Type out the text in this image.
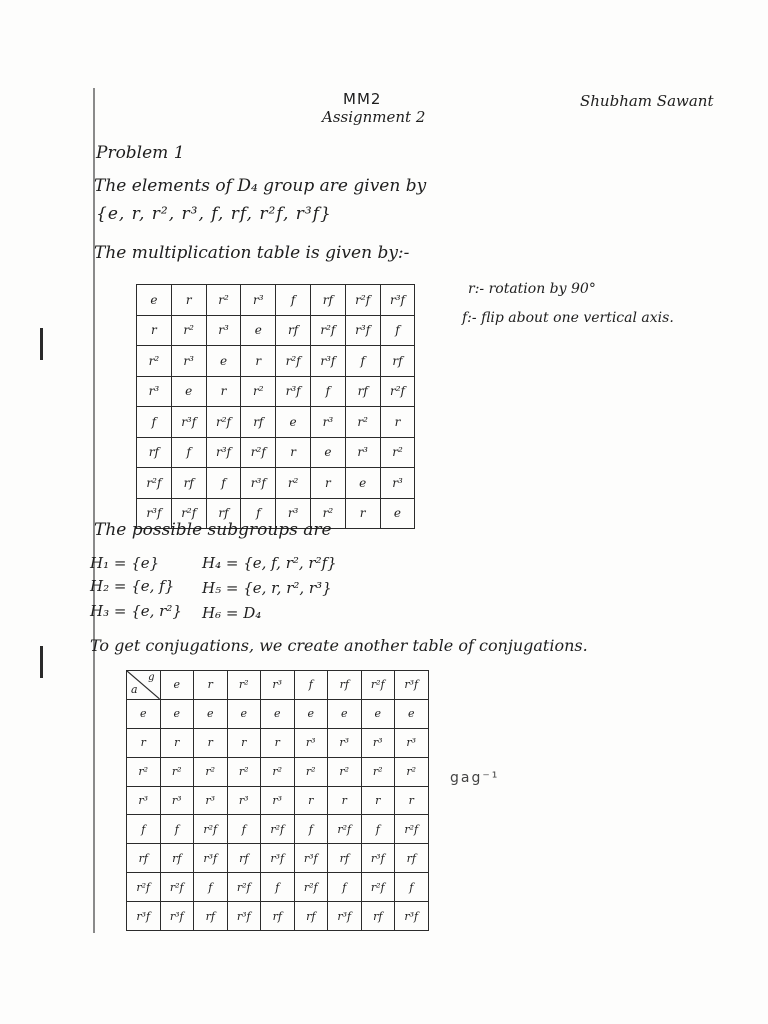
MM2
Assignment 2
Shubham Sawant
Problem 1
The elements of D₄ group are given by
{e, r, r², r³, f, rf, r²f, r³f}
The multiplication table is given by:-
r:- rotation by 90°
f:- flip about one vertical axis.
e	r	r²	r³	f	rf	r²f	r³f
r	r²	r³	e	rf	r²f	r³f	f
r²	r³	e	r	r²f	r³f	f	rf
r³	e	r	r²	r³f	f	rf	r²f
f	r³f	r²f	rf	e	r³	r²	r
rf	f	r³f	r²f	r	e	r³	r²
r²f	rf	f	r³f	r²	r	e	r³
r³f	r²f	rf	f	r³	r²	r	e
The possible subgroups are
H₁ = {e}
H₂ = {e, f}
H₃ = {e, r²}
H₄ = {e, f, r², r²f}
H₅ = {e, r, r², r³}
H₆ = D₄
To get conjugations, we create another table of conjugations.
a
g	e	r	r²	r³	f	rf	r²f	r³f
e	e	e	e	e	e	e	e	e
r	r	r	r	r	r³	r³	r³	r³
r²	r²	r²	r²	r²	r²	r²	r²	r²
r³	r³	r³	r³	r³	r	r	r	r
f	f	r²f	f	r²f	f	r²f	f	r²f
rf	rf	r³f	rf	r³f	r³f	rf	r³f	rf
r²f	r²f	f	r²f	f	r²f	f	r²f	f
r³f	r³f	rf	r³f	rf	rf	r³f	rf	r³f
gag⁻¹
